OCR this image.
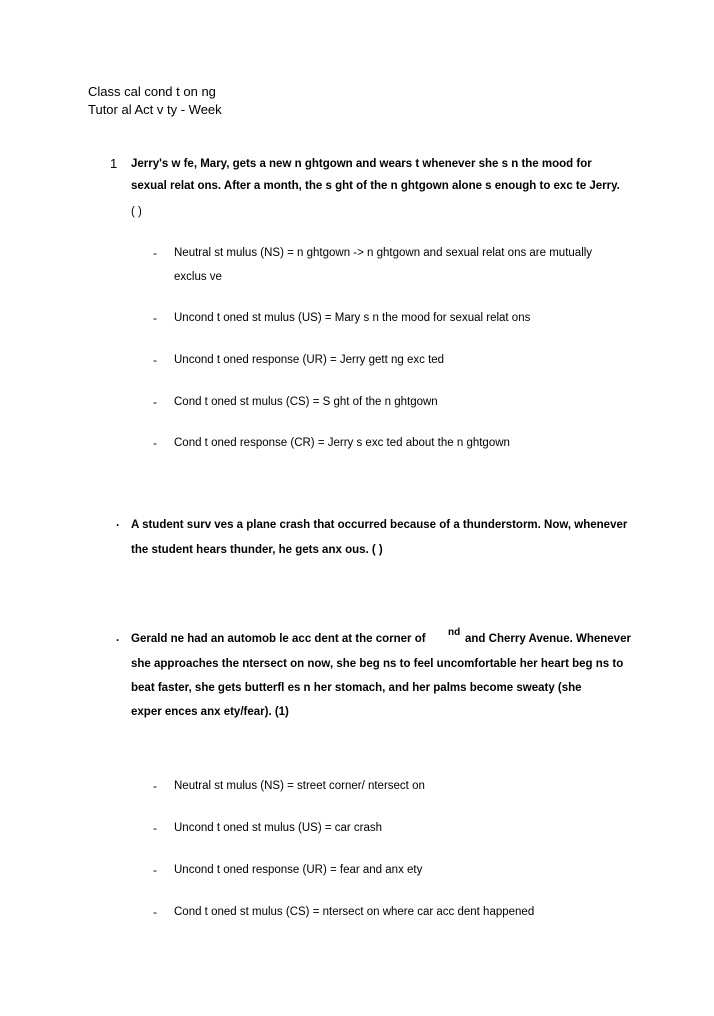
Class cal cond t on ng
Tutor al Act v ty - Week
1 Jerry's w fe, Mary, gets a new n ghtgown and wears t whenever she s n the mood for
sexual relat ons. After a month, the s ght of the n ghtgown alone s enough to exc te Jerry.
( )
- Neutral st mulus (NS) = n ghtgown -> n ghtgown and sexual relat ons are mutually
exclus ve
- Uncond t oned st mulus (US) = Mary s n the mood for sexual relat ons
- Uncond t oned response (UR) = Jerry gett ng exc ted
- Cond t oned st mulus (CS) = S ght of the n ghtgown
- Cond t oned response (CR) = Jerry s exc ted about the n ghtgown
. A student surv ves a plane crash that occurred because of a thunderstorm. Now, whenever
the student hears thunder, he gets anx ous. ( )
. Gerald ne had an automob le acc dent at the corner of
nd
and Cherry Avenue. Whenever
she approaches the ntersect on now, she beg ns to feel uncomfortable her heart beg ns to
beat faster, she gets butterfl es n her stomach, and her palms become sweaty (she
exper ences anx ety/fear). (1)
- Neutral st mulus (NS) = street corner/ ntersect on
- Uncond t oned st mulus (US) = car crash
- Uncond t oned response (UR) = fear and anx ety
- Cond t oned st mulus (CS) = ntersect on where car acc dent happened
